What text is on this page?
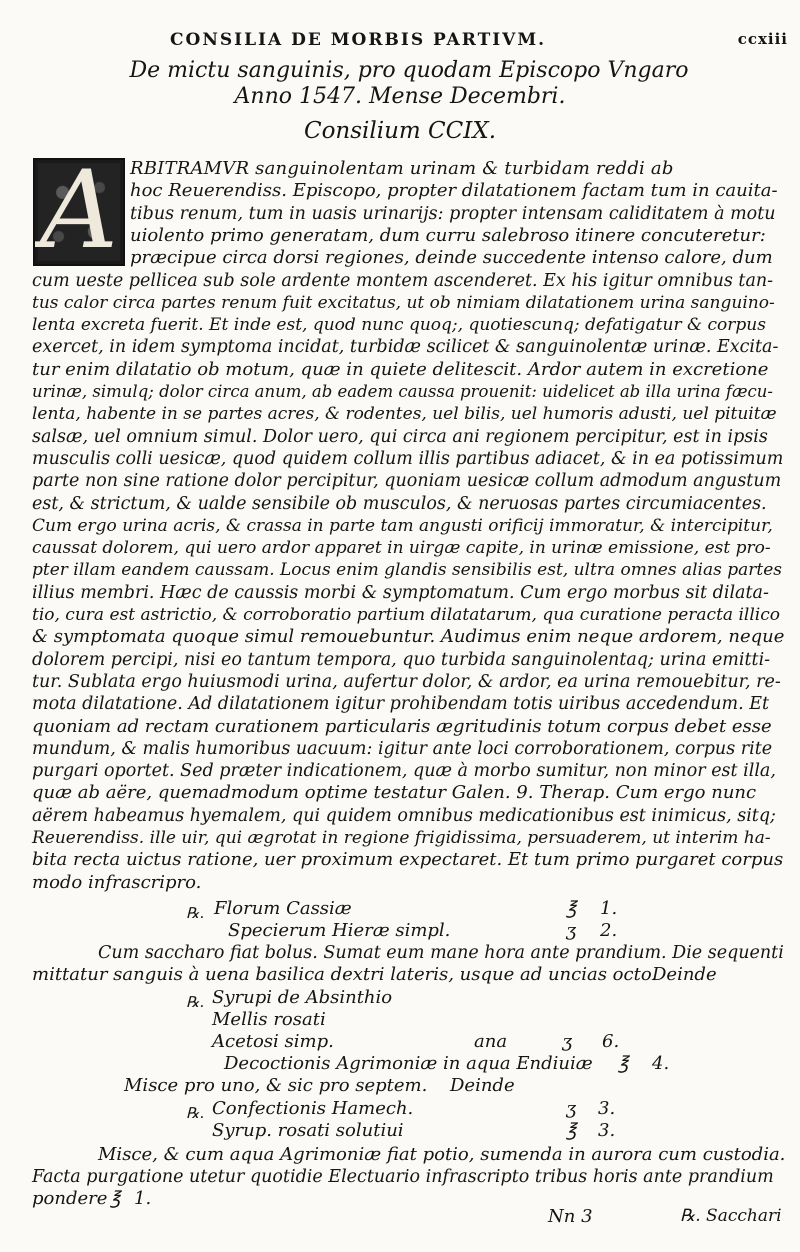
CONSILIA DE MORBIS PARTIVM.	ccxiii
De mictu sanguinis, pro quodam Episcopo Vngaro
Anno 1547. Mense Decembri.
Consilium CCIX.
A RBITRAMVR sanguinolentam urinam & turbidam reddi ab
hoc Reuerendiss. Episcopo, propter dilatationem factam tum in cauita-
tibus renum, tum in uasis urinarijs: propter intensam caliditatem à motu
uiolento primo generatam, dum curru salebroso itinere concuteretur:
præcipue circa dorsi regiones, deinde succedente intenso calore, dum
cum ueste pellicea sub sole ardente montem ascenderet. Ex his igitur omnibus tan-
tus calor circa partes renum fuit excitatus, ut ob nimiam dilatationem urina sanguino-
lenta excreta fuerit. Et inde est, quod nunc quoq;, quotiescunq; defatigatur & corpus
exercet, in idem symptoma incidat, turbidæ scilicet & sanguinolentæ urinæ. Excita-
tur enim dilatatio ob motum, quæ in quiete delitescit. Ardor autem in excretione
urinæ, simulq; dolor circa anum, ab eadem caussa prouenit: uidelicet ab illa urina fæcu-
lenta, habente in se partes acres, & rodentes, uel bilis, uel humoris adusti, uel pituitæ
salsæ, uel omnium simul. Dolor uero, qui circa ani regionem percipitur, est in ipsis
musculis colli uesicæ, quod quidem collum illis partibus adiacet, & in ea potissimum
parte non sine ratione dolor percipitur, quoniam uesicæ collum admodum angustum
est, & strictum, & ualde sensibile ob musculos, & neruosas partes circumiacentes.
Cum ergo urina acris, & crassa in parte tam angusti orificij immoratur, & intercipitur,
caussat dolorem, qui uero ardor apparet in uirgæ capite, in urinæ emissione, est pro-
pter illam eandem caussam. Locus enim glandis sensibilis est, ultra omnes alias partes
illius membri. Hæc de caussis morbi & symptomatum. Cum ergo morbus sit dilata-
tio, cura est astrictio, & corroboratio partium dilatatarum, qua curatione peracta illico
& symptomata quoque simul remouebuntur. Audimus enim neque ardorem, neque
dolorem percipi, nisi eo tantum tempora, quo turbida sanguinolentaq; urina emitti-
tur. Sublata ergo huiusmodi urina, aufertur dolor, & ardor, ea urina remouebitur, re-
mota dilatatione. Ad dilatationem igitur prohibendam totis uiribus accedendum. Et
quoniam ad rectam curationem particularis ægritudinis totum corpus debet esse
mundum, & malis humoribus uacuum: igitur ante loci corroborationem, corpus rite
purgari oportet. Sed præter indicationem, quæ à morbo sumitur, non minor est illa,
quæ ab aëre, quemadmodum optime testatur Galen. 9. Therap. Cum ergo nunc
aërem habeamus hyemalem, qui quidem omnibus medicationibus est inimicus, sitq;
Reuerendiss. ille uir, qui ægrotat in regione frigidissima, persuaderem, ut interim ha-
bita recta uictus ratione, uer proximum expectaret. Et tum primo purgaret corpus
modo infrascripro.
℞. Florum Cassiæ	℥ 1.
Specierum Hieræ simpl.	ʒ 2.
Cum sacchаro fiat bolus. Sumat eum mane hora ante prandium. Die sequenti
mittatur sanguis à uena basilica dextri lateris, usque ad uncias octo.
Deinde
℞. Syrupi de Absinthio
Mellis rosati
Acetosi simp.	ana	ʒ 6.
Decoctionis Agrimoniæ in aqua Endiuiæ ℥ 4.
Misce pro uno, & sic pro septem. Deinde
℞. Confectionis Hamech.	ʒ 3.
Syrup. rosati solutiui	℥ 3.
Misce, & cum aqua Agrimoniæ fiat potio, sumenda in aurora cum custodia.
Facta purgatione utetur quotidie Electuario infrascripto tribus horis ante prandium
pondere ℥ 1.
Nn 3	℞. Sacchari
